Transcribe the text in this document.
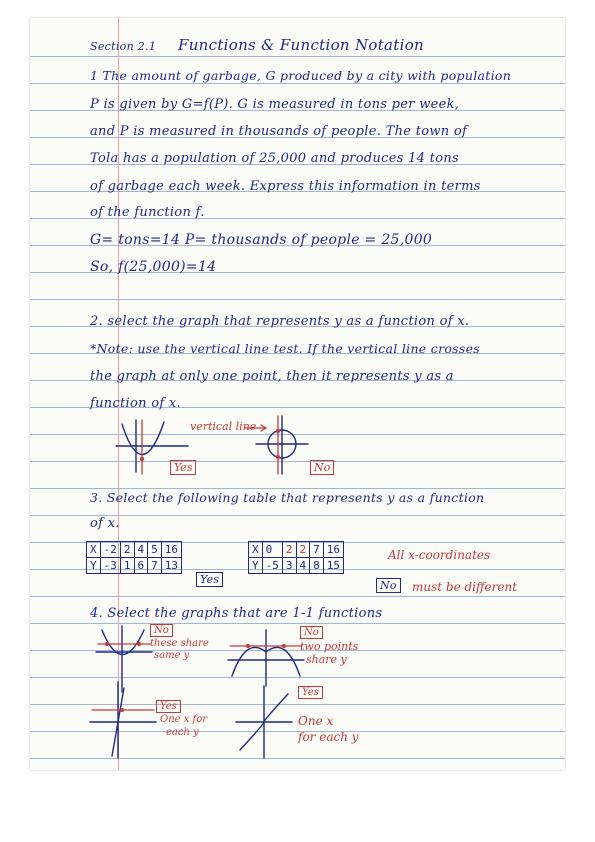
Section 2.1 Functions & Function Notation
1 The amount of garbage, G produced by a city with population
P is given by G=f(P). G is measured in tons per week,
and P is measured in thousands of people. The town of
Tola has a population of 25,000 and produces 14 tons
of garbage each week. Express this information in terms
of the function f.
G= tons=14 P= thousands of people = 25,000
So, f(25,000)=14
2. select the graph that represents y as a function of x.
*Note: use the vertical line test. If the vertical line crosses
the graph at only one point, then it represents y as a
function of x.
vertical line
Yes	No
3. Select the following table that represents y as a function
of x.
X	-2	2	4	5	16
Y	-3	1	6	7	13
Yes
X	0	2	2	7	16
Y	-5	3	4	8	15
No
All x-coordinates
must be different
4. Select the graphs that are 1-1 functions
No
these share
same y
No
two points
share y
Yes
One x for
each y
Yes
One x
for each y
